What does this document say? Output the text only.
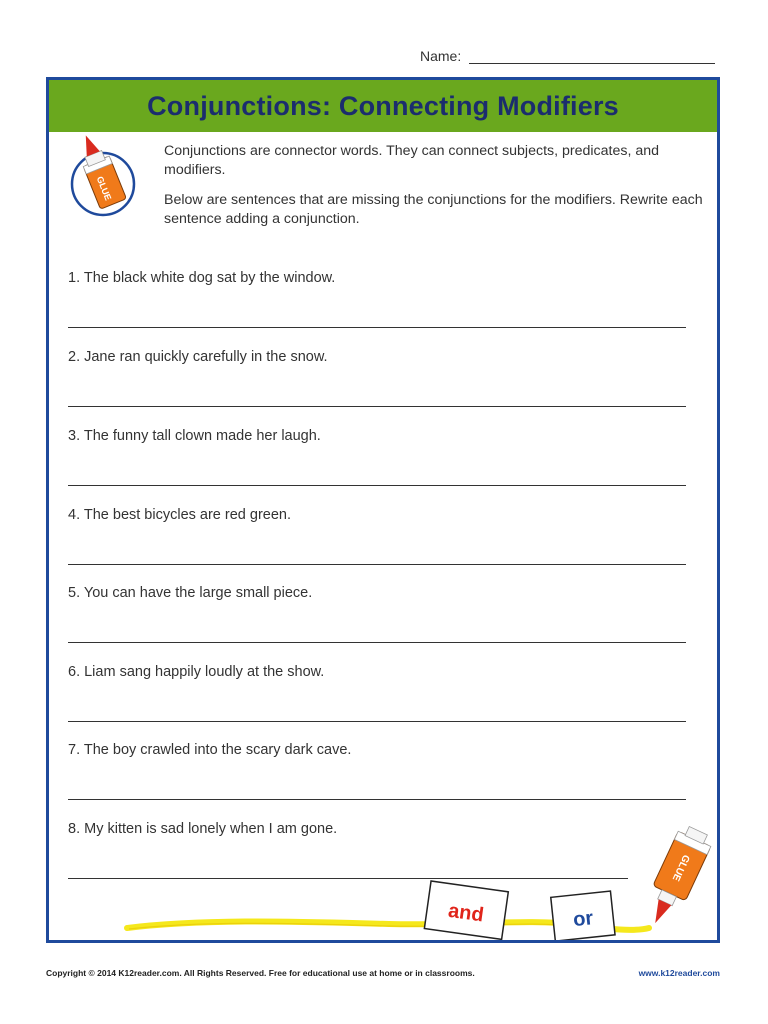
Name:
Conjunctions: Connecting Modifiers
GLUE

Conjunctions are connector words. They can connect subjects, predicates, and modifiers.

Below are sentences that are missing the conjunctions for the modifiers. Rewrite each sentence adding a conjunction.

1. The black white dog sat by the window.
2. Jane ran quickly carefully in the snow.
3. The funny tall clown made her laugh.
4. The best bicycles are red green.
5. You can have the large small piece.
6. Liam sang happily loudly at the show.
7. The boy crawled into the scary dark cave.
8. My kitten is sad lonely when I am gone.
and	or
GLUE
Copyright © 2014 K12reader.com. All Rights Reserved. Free for educational use at home or in classrooms.	www.k12reader.com
